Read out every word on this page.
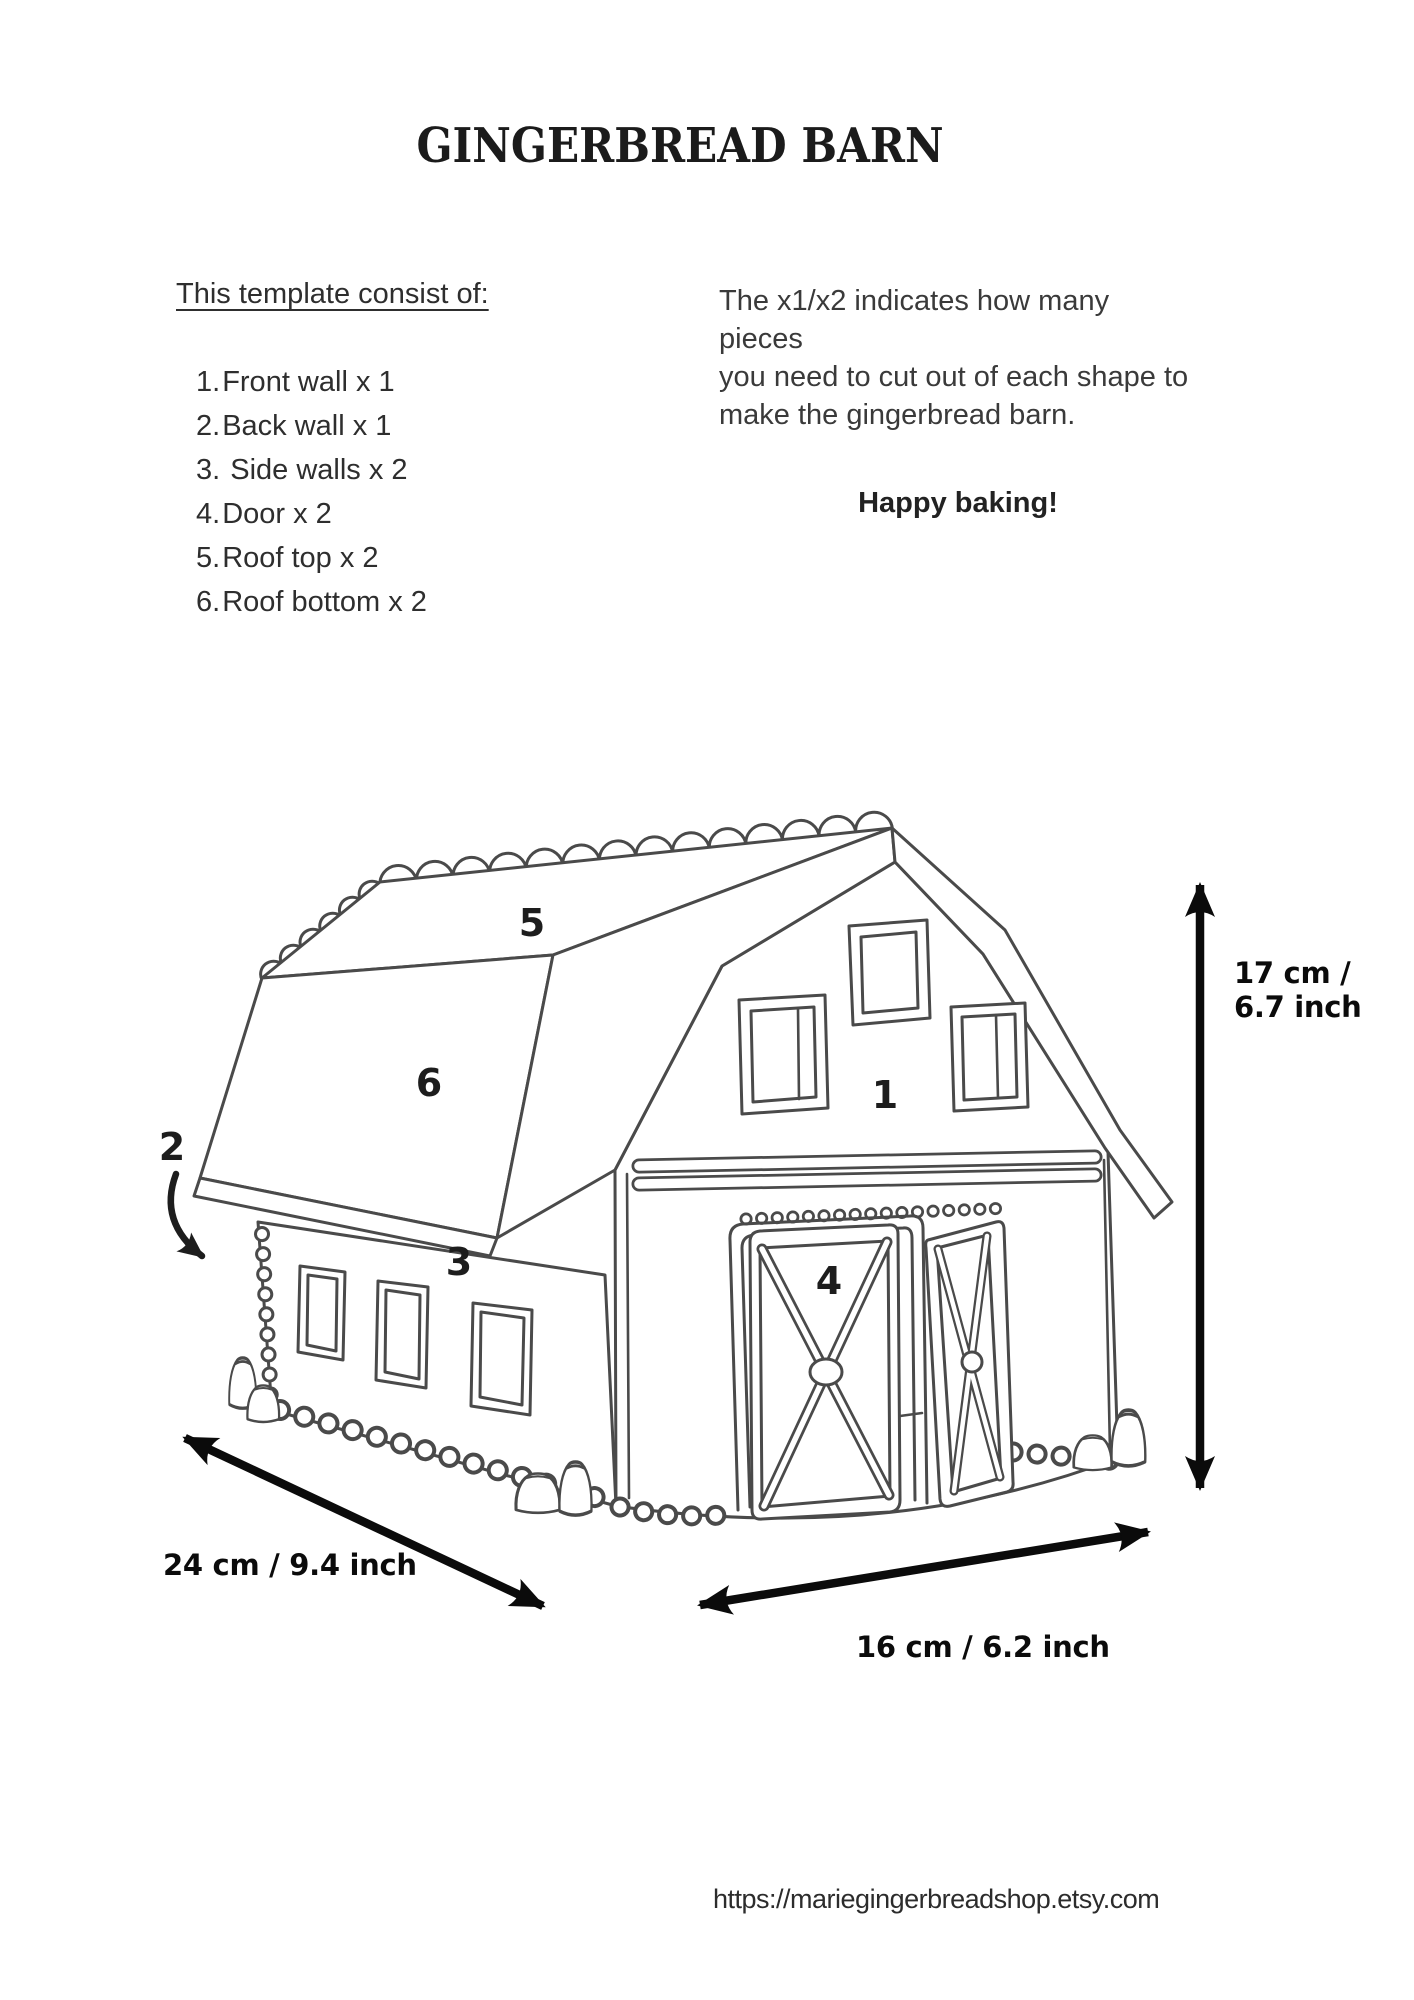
GINGERBREAD BARN
This template consist of:
1. Front wall x 1
2. Back wall x 1
3. Side walls x 2
4. Door x 2
5. Roof top x 2
6. Roof bottom x 2
The x1/x2 indicates how many pieces
you need to cut out of each shape to
make the gingerbread barn.
Happy baking!
1
2
3	4
5
6
24 cm / 9.4 inch
16 cm / 6.2 inch
17 cm /
6.7 inch
https://mariegingerbreadshop.etsy.com
